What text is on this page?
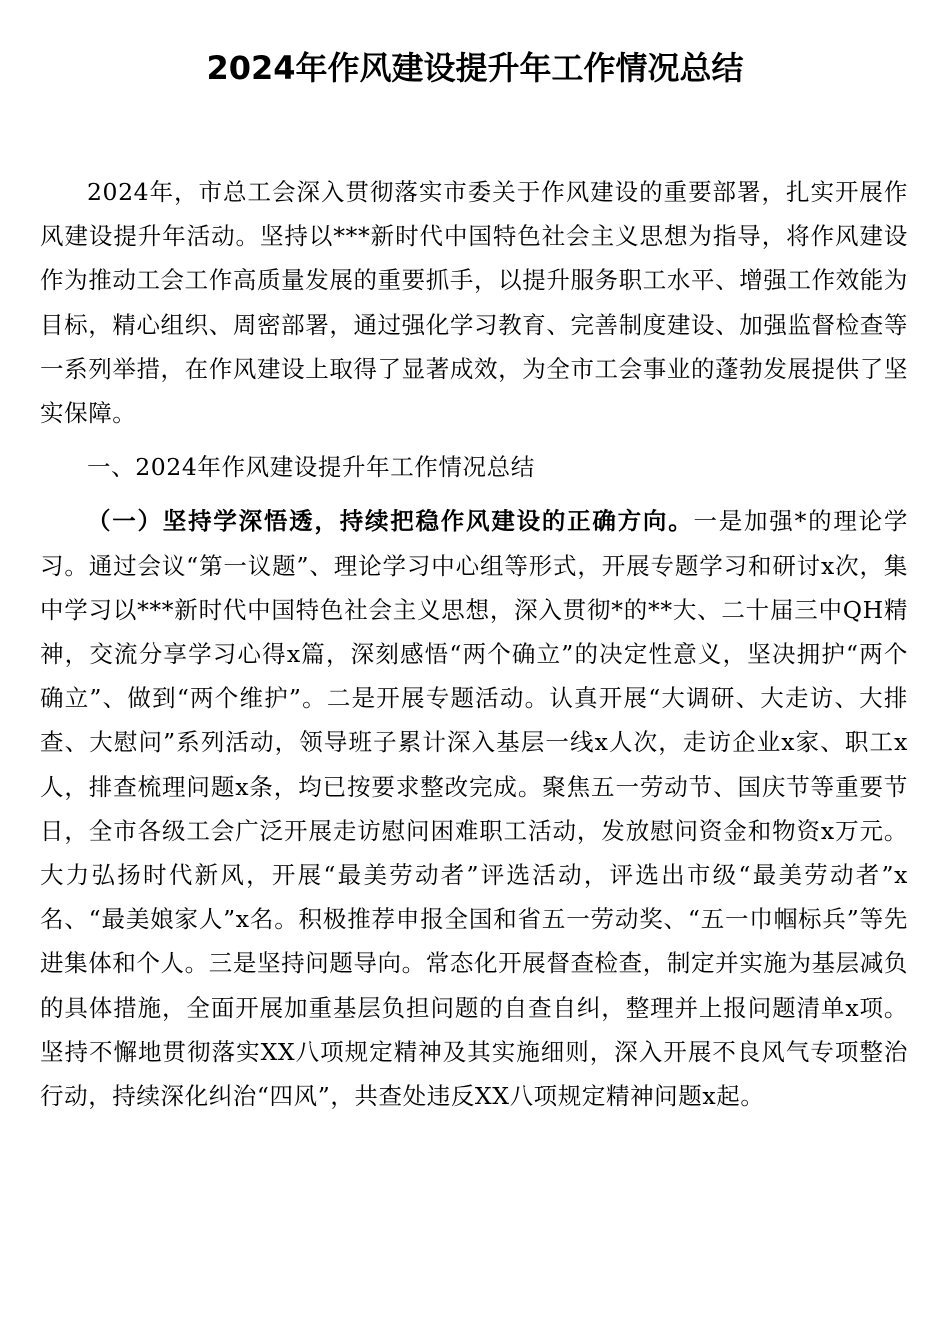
2024年作风建设提升年工作情况总结

2024年，市总工会深入贯彻落实市委关于作风建设的重要部署，扎实开展作风建设提升年活动。坚持以***新时代中国特色社会主义思想为指导，将作风建设作为推动工会工作高质量发展的重要抓手，以提升服务职工水平、增强工作效能为目标，精心组织、周密部署，通过强化学习教育、完善制度建设、加强监督检查等一系列举措，在作风建设上取得了显著成效，为全市工会事业的蓬勃发展提供了坚实保障。

一、2024年作风建设提升年工作情况总结

（一）坚持学深悟透，持续把稳作风建设的正确方向。一是加强*的理论学习。通过会议“第一议题”、理论学习中心组等形式，开展专题学习和研讨x次，集中学习以***新时代中国特色社会主义思想，深入贯彻*的**大、二十届三中QH精神，交流分享学习心得x篇，深刻感悟“两个确立”的决定性意义，坚决拥护“两个确立”、做到“两个维护”。二是开展专题活动。认真开展“大调研、大走访、大排查、大慰问”系列活动，领导班子累计深入基层一线x人次，走访企业x家、职工x人，排查梳理问题x条，均已按要求整改完成。聚焦五一劳动节、国庆节等重要节日，全市各级工会广泛开展走访慰问困难职工活动，发放慰问资金和物资x万元。大力弘扬时代新风，开展“最美劳动者”评选活动，评选出市级“最美劳动者”x名、“最美娘家人”x名。积极推荐申报全国和省五一劳动奖、“五一巾帼标兵”等先进集体和个人。三是坚持问题导向。常态化开展督查检查，制定并实施为基层减负的具体措施，全面开展加重基层负担问题的自查自纠，整理并上报问题清单x项。坚持不懈地贯彻落实XX八项规定精神及其实施细则，深入开展不良风气专项整治行动，持续深化纠治“四风”，共查处违反XX八项规定精神问题x起。
